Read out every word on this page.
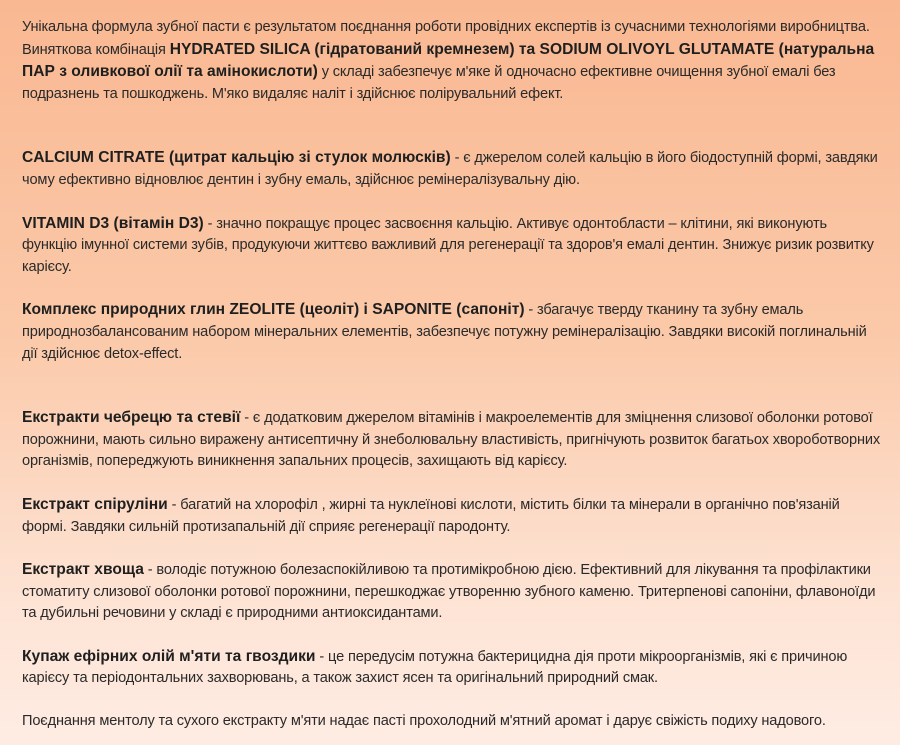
Унікальна формула зубної пасти є результатом поєднання роботи провідних експертів із сучасними технологіями виробництва. Виняткова комбінація HYDRATED SILICA (гідратований кремнезем) та SODIUM OLIVOYL GLUTAMATE (натуральна ПАР з оливкової олії та амінокислоти) у складі забезпечує м'яке й одночасно ефективне очищення зубної емалі без подразнень та пошкоджень. М'яко видаляє наліт і здійснює полірувальний ефект.

CALCIUM CITRATE (цитрат кальцію зі стулок молюсків) - є джерелом солей кальцію в його біодоступній формі, завдяки чому ефективно відновлює дентин і зубну емаль, здійснює ремінералізувальну дію.

VITAMIN D3 (вітамін D3) - значно покращує процес засвоєння кальцію. Активує одонтобласти – клітини, які виконують функцію імунної системи зубів, продукуючи життєво важливий для регенерації та здоров'я емалі дентин. Знижує ризик розвитку карієсу.

Комплекс природних глин ZEOLITE (цеоліт) і SAPONITE (сапоніт) - збагачує тверду тканину та зубну емаль природнозбалансованим набором мінеральних елементів, забезпечує потужну ремінералізацію. Завдяки високій поглинальній дії здійснює detox-effect.

Екстракти чебрецю та стевії - є додатковим джерелом вітамінів і макроелементів для зміцнення слизової оболонки ротової порожнини, мають сильно виражену антисептичну й знеболювальну властивість, пригнічують розвиток багатьох хвороботворних організмів, попереджують виникнення запальних процесів, захищають від карієсу.

Екстракт спіруліни - багатий на хлорофіл , жирні та нуклеїнові кислоти, містить білки та мінерали в органічно пов'язаній формі. Завдяки сильній протизапальній дії сприяє регенерації пародонту.

Екстракт хвоща - володіє потужною болезаспокійливою та протимікробною дією. Ефективний для лікування та профілактики стоматиту слизової оболонки ротової порожнини, перешкоджає утворенню зубного каменю. Тритерпенові сапоніни, флавоноїди та дубильні речовини у складі є природними антиоксидантами.

Купаж ефірних олій м'яти та гвоздики - це передусім потужна бактерицидна дія проти мікроорганізмів, які є причиною карієсу та періодонтальних захворювань, а також захист ясен та оригінальний природний смак.

Поєднання ментолу та сухого екстракту м'яти надає пасті прохолодний м'ятний аромат і дарує свіжість подиху надового.
